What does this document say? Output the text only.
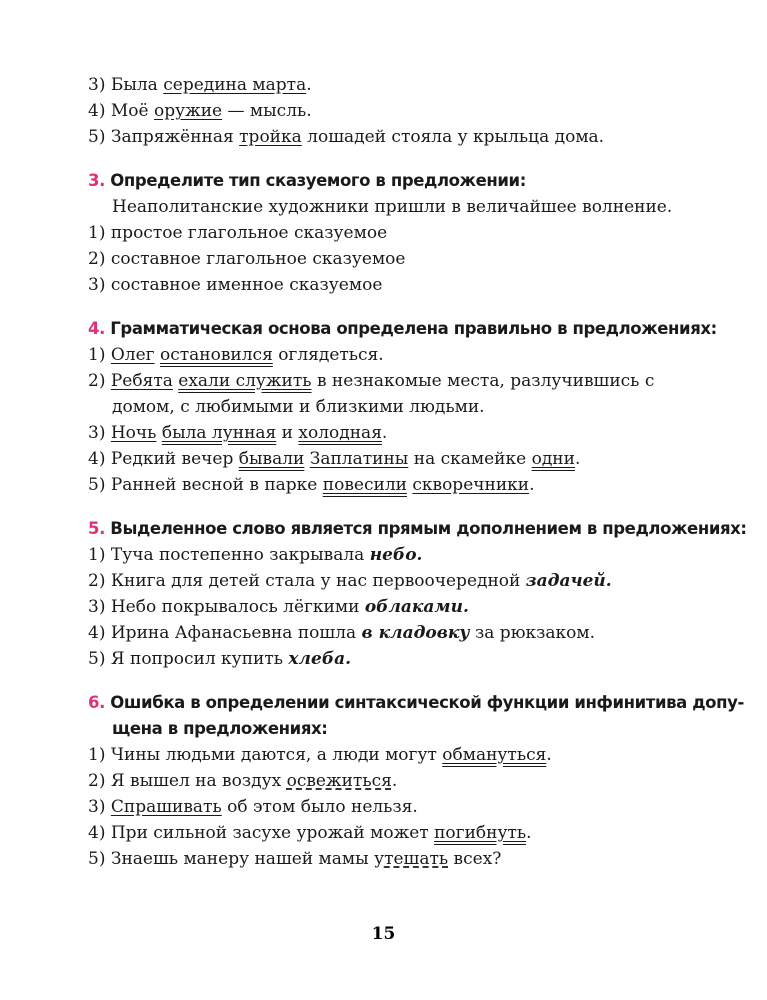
3) Была середина марта.
4) Моё оружие — мысль.
5) Запряжённая тройка лошадей стояла у крыльца дома.
3. Определите тип сказуемого в предложении:
Неаполитанские художники пришли в величайшее волнение.
1) простое глагольное сказуемое
2) составное глагольное сказуемое
3) составное именное сказуемое
4. Грамматическая основа определена правильно в предложениях:
1) Олег остановился оглядеться.
2) Ребята ехали служить в незнакомые места, разлучившись с
домом, с любимыми и близкими людьми.
3) Ночь была лунная и холодная.
4) Редкий вечер бывали Заплатины на скамейке одни.
5) Ранней весной в парке повесили скворечники.
5. Выделенное слово является прямым дополнением в предложениях:
1) Туча постепенно закрывала небо.
2) Книга для детей стала у нас первоочередной задачей.
3) Небо покрывалось лёгкими облаками.
4) Ирина Афанасьевна пошла в кладовку за рюкзаком.
5) Я попросил купить хлеба.
6. Ошибка в определении синтаксической функции инфинитива допу-
щена в предложениях:
1) Чины людьми даются, а люди могут обмануться.
2) Я вышел на воздух освежиться.
3) Спрашивать об этом было нельзя.
4) При сильной засухе урожай может погибнуть.
5) Знаешь манеру нашей мамы утешать всех?
15
